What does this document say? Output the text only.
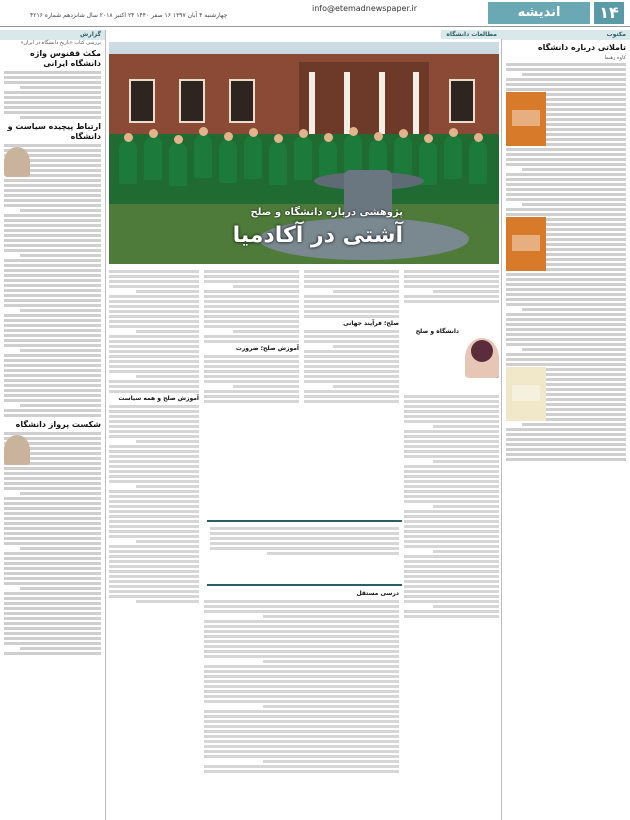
۱۴
اندیشه
info@etemadnewspaper.ir
چهارشنبه ۴ آبان ۱۳۹۷ ۱۶ صفر ۱۴۴۰ ۲۴ اکتبر ۲۰۱۸ سال شانزدهم شماره ۴۲۱۶
مکتوب
تاملاتی درباره دانشگاه
کاوه رهنما
گزارش
بررسی کتاب «تاریخ دانشگاه در ایران»
مکث ققنوس واژه دانشگاه ایرانی
ارتباط پیچیده سیاست و دانشگاه
شکست پرواز دانشگاه
مطالعات دانشگاه
پژوهشی درباره دانشگاه و صلح
آشتی در آکادمیا
دانشگاه و صلح
صلح؛ فرآیند جهانی
آموزش صلح؛ ضرورت
آموزش صلح و همه سیاست
درسی مستقل
